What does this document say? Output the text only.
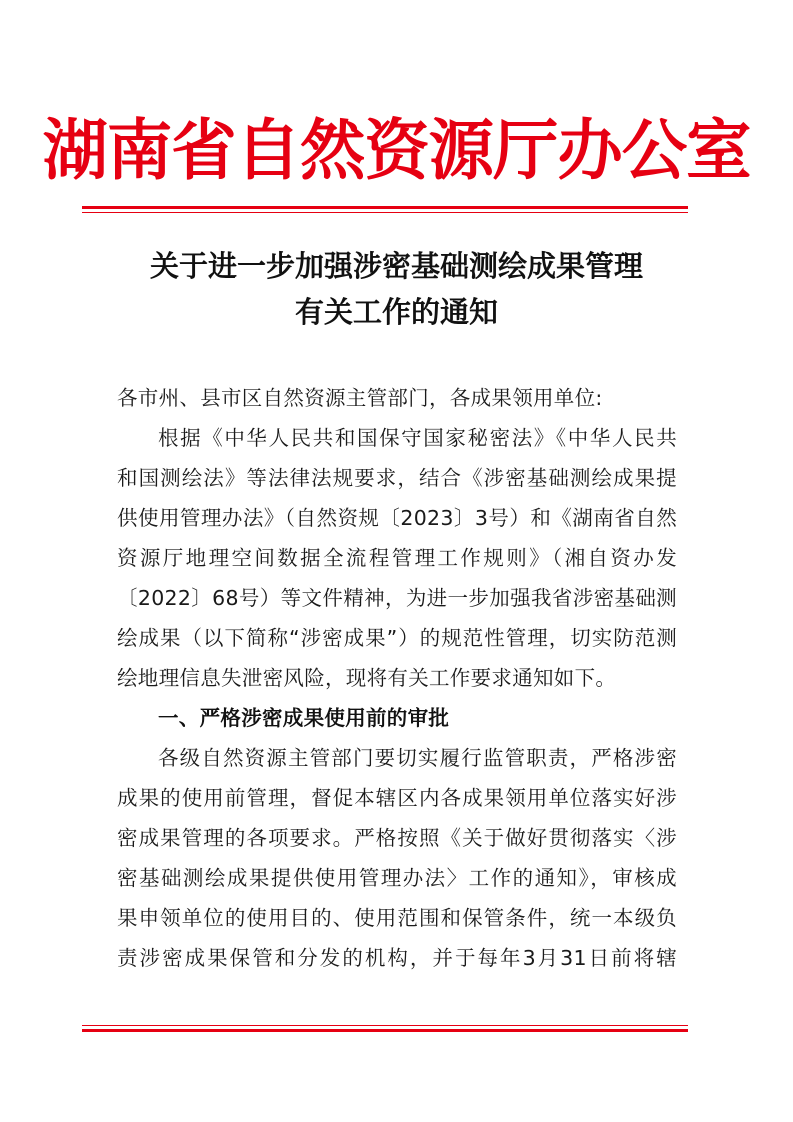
湖南省自然资源厅办公室
关于进一步加强涉密基础测绘成果管理
有关工作的通知
各市州、县市区自然资源主管部门，各成果领用单位:
根据《中华人民共和国保守国家秘密法》《中华人民共
和国测绘法》等法律法规要求，结合《涉密基础测绘成果提
供使用管理办法》（自然资规〔2023〕3号）和《湖南省自然
资源厅地理空间数据全流程管理工作规则》（湘自资办发
〔2022〕68号）等文件精神，为进一步加强我省涉密基础测
绘成果（以下简称“涉密成果”）的规范性管理，切实防范测
绘地理信息失泄密风险，现将有关工作要求通知如下。
一、严格涉密成果使用前的审批
各级自然资源主管部门要切实履行监管职责，严格涉密
成果的使用前管理，督促本辖区内各成果领用单位落实好涉
密成果管理的各项要求。严格按照《关于做好贯彻落实〈涉
密基础测绘成果提供使用管理办法〉工作的通知》，审核成
果申领单位的使用目的、使用范围和保管条件，统一本级负
责涉密成果保管和分发的机构，并于每年3月31日前将辖
